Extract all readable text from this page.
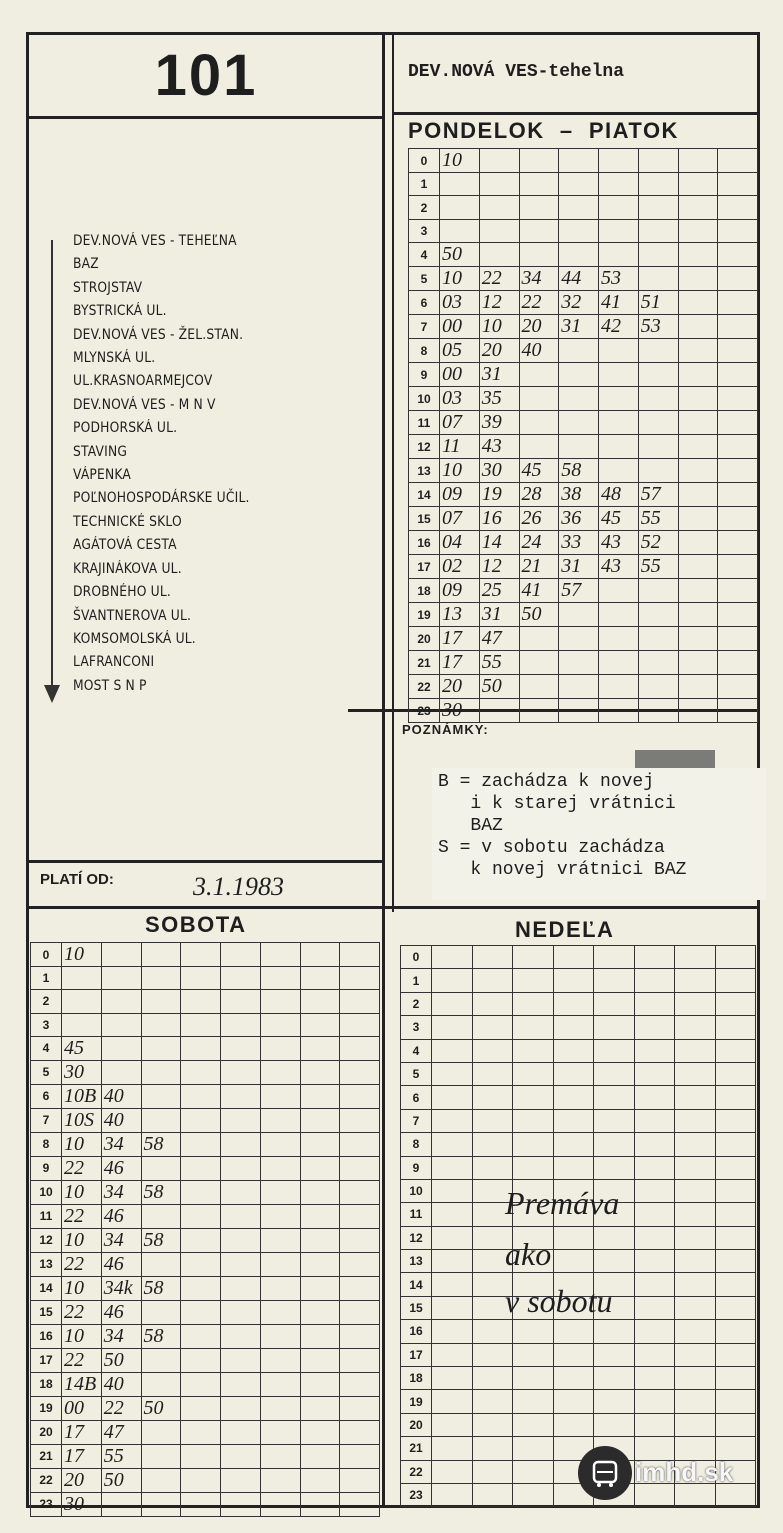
101	DEV.NOVÁ VES-tehelna
DEV.NOVÁ VES - TEHEĽNA
BAZ
STROJSTAV
BYSTRICKÁ UL.
DEV.NOVÁ VES - ŽEL.STAN.
MLYNSKÁ UL.
UL.KRASNOARMEJCOV
DEV.NOVÁ VES - M N V
PODHORSKÁ UL.
STAVING
VÁPENKA
POĽNOHOSPODÁRSKE UČIL.
TECHNICKÉ SKLO
AGÁTOVÁ CESTA
KRAJINÁKOVA UL.
DROBNÉHO UL.
ŠVANTNEROVA UL.
KOMSOMOLSKÁ UL.
LAFRANCONI
MOST S N P
PONDELOK  –  PIATOK
0	10							
1								
2								
3								
4	50							
5	10	22	34	44	53			
6	03	12	22	32	41	51		
7	00	10	20	31	42	53		
8	05	20	40					
9	00	31						
10	03	35						
11	07	39						
12	11	43						
13	10	30	45	58				
14	09	19	28	38	48	57		
15	07	16	26	36	45	55		
16	04	14	24	33	43	52		
17	02	12	21	31	43	55		
18	09	25	41	57				
19	13	31	50					
20	17	47						
21	17	55						
22	20	50						
23	30							
POZNÁMKY:
B = zachádza k novej
i k starej vrátnici
BAZ
S = v sobotu zachádza
k novej vrátnici BAZ
PLATÍ OD:	3.1.1983
SOBOTA
0	10							
1								
2								
3								
4	45							
5	30							
6	10B	40						
7	10S	40						
8	10	34	58					
9	22	46						
10	10	34	58					
11	22	46						
12	10	34	58					
13	22	46						
14	10	34k	58					
15	22	46						
16	10	34	58					
17	22	50						
18	14B	40						
19	00	22	50					
20	17	47						
21	17	55						
22	20	50						
23	30							
NEDEĽA
0								
1								
2								
3								
4								
5								
6								
7								
8								
9								
10								
11								
12								
13								
14								
15								
16								
17								
18								
19								
20								
21								
22								
23								
Premáva
ako
v sobotu
imhd.sk
